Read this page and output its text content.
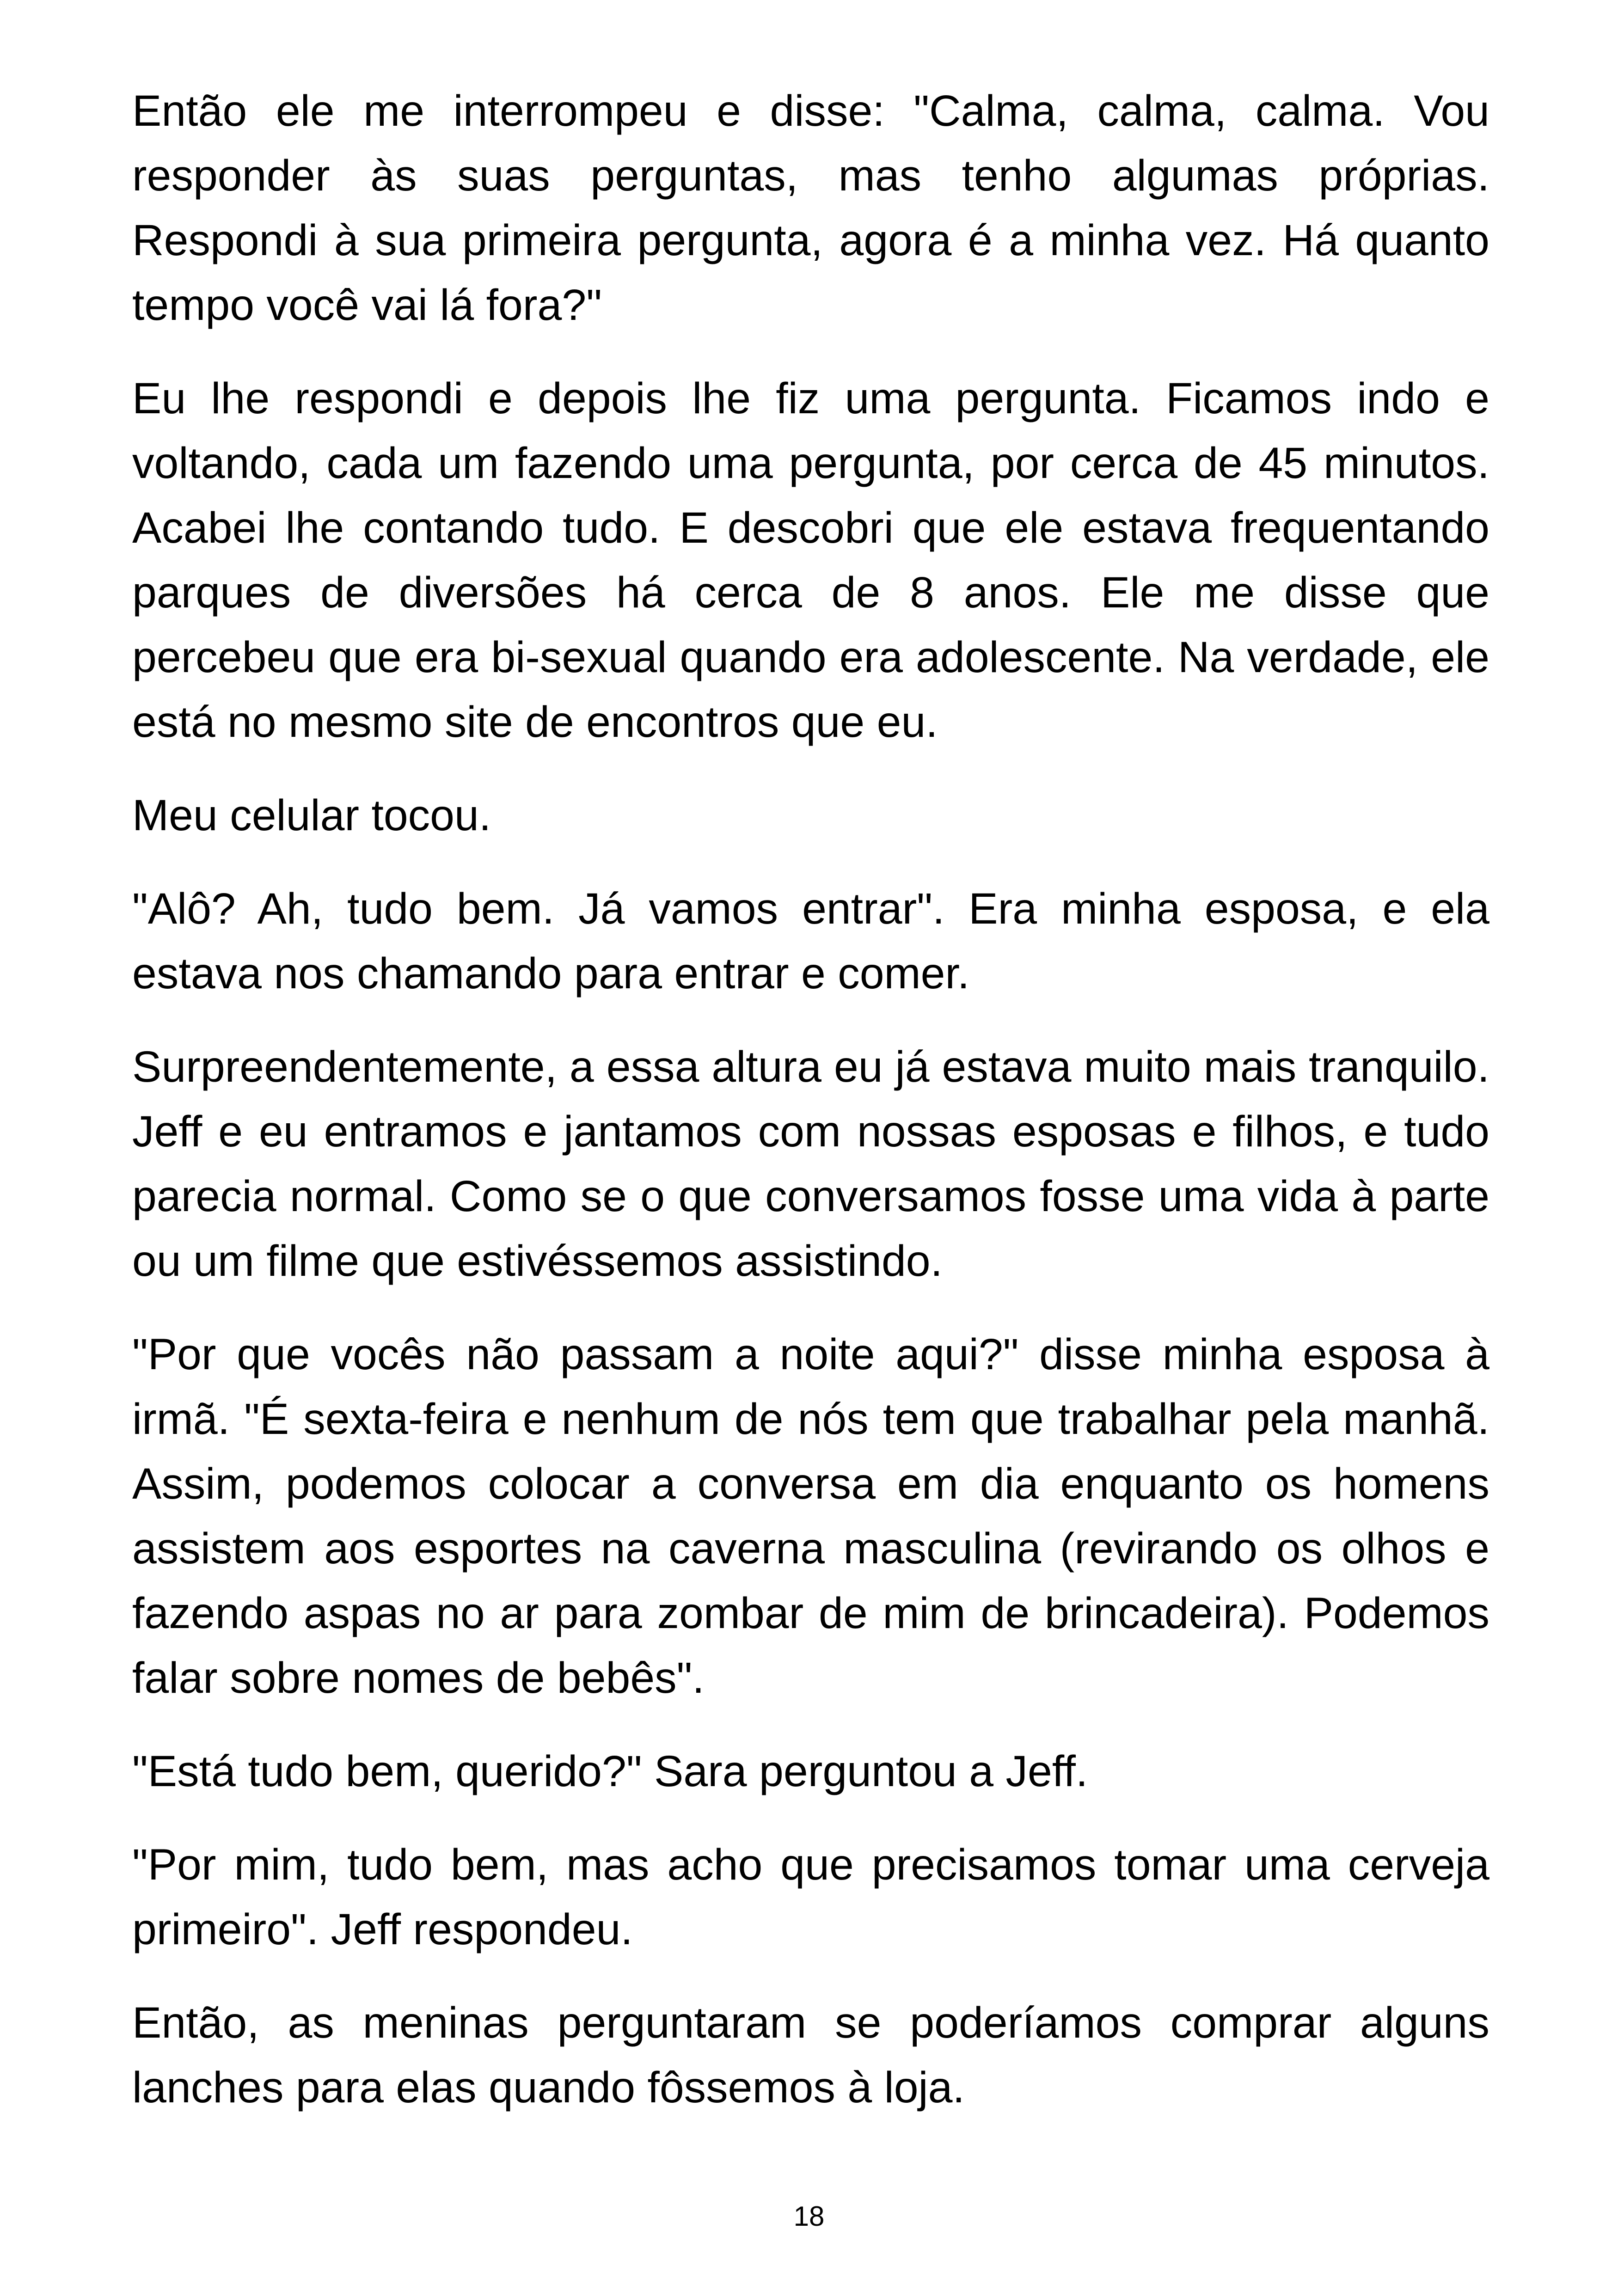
Então ele me interrompeu e disse: "Calma, calma, calma. Vou responder às suas perguntas, mas tenho algumas próprias. Respondi à sua primeira pergunta, agora é a minha vez. Há quanto tempo você vai lá fora?"

Eu lhe respondi e depois lhe fiz uma pergunta. Ficamos indo e voltando, cada um fazendo uma pergunta, por cerca de 45 minutos. Acabei lhe contando tudo. E descobri que ele estava frequentando parques de diversões há cerca de 8 anos. Ele me disse que percebeu que era bi-sexual quando era adolescente. Na verdade, ele está no mesmo site de encontros que eu.

Meu celular tocou.

"Alô? Ah, tudo bem. Já vamos entrar". Era minha esposa, e ela estava nos chamando para entrar e comer.

Surpreendentemente, a essa altura eu já estava muito mais tranquilo. Jeff e eu entramos e jantamos com nossas esposas e filhos, e tudo parecia normal. Como se o que conversamos fosse uma vida à parte ou um filme que estivéssemos assistindo.

"Por que vocês não passam a noite aqui?" disse minha esposa à irmã. "É sexta-feira e nenhum de nós tem que trabalhar pela manhã. Assim, podemos colocar a conversa em dia enquanto os homens assistem aos esportes na caverna masculina (revirando os olhos e fazendo aspas no ar para zombar de mim de brincadeira). Podemos falar sobre nomes de bebês".

"Está tudo bem, querido?" Sara perguntou a Jeff.

"Por mim, tudo bem, mas acho que precisamos tomar uma cerveja primeiro". Jeff respondeu.

Então, as meninas perguntaram se poderíamos comprar alguns lanches para elas quando fôssemos à loja.

18
